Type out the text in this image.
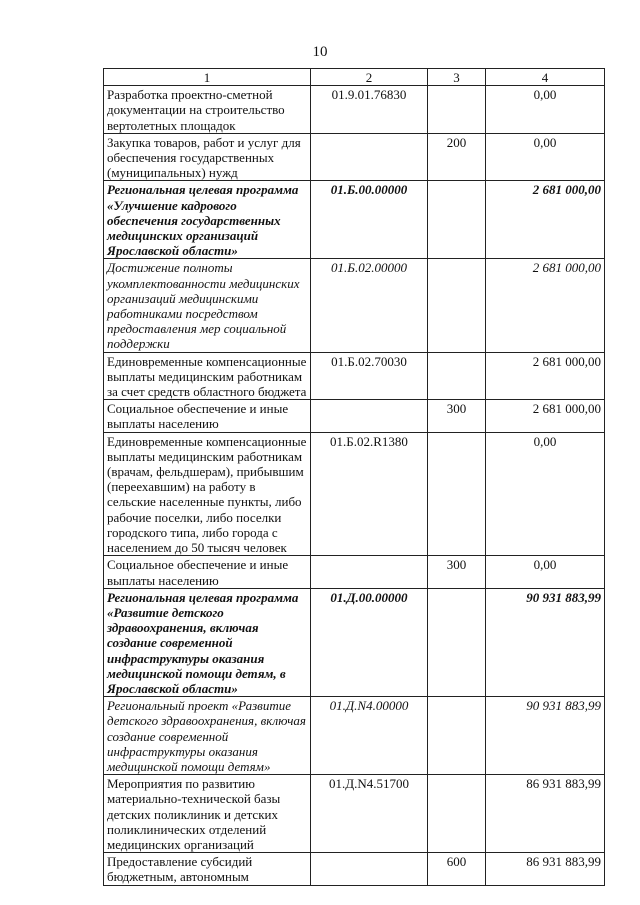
10
1	2	3	4
Разработка проектно-сметной документации на строительство вертолетных площадок	01.9.01.76830		0,00
Закупка товаров, работ и услуг для обеспечения государственных (муниципальных) нужд		200	0,00
Региональная целевая программа «Улучшение кадрового обеспечения государственных медицинских организаций Ярославской области»	01.Б.00.00000		2 681 000,00
Достижение полноты укомплектованности медицинских организаций медицинскими работниками посредством предоставления мер социальной поддержки	01.Б.02.00000		2 681 000,00
Единовременные компенсационные выплаты медицинским работникам за счет средств областного бюджета	01.Б.02.70030		2 681 000,00
Социальное обеспечение и иные выплаты населению		300	2 681 000,00
Единовременные компенсационные выплаты медицинским работникам (врачам, фельдшерам), прибывшим (переехавшим) на работу в сельские населенные пункты, либо рабочие поселки, либо поселки городского типа, либо города с населением до 50 тысяч человек	01.Б.02.R1380		0,00
Социальное обеспечение и иные выплаты населению		300	0,00
Региональная целевая программа «Развитие детского здравоохранения, включая создание современной инфраструктуры оказания медицинской помощи детям, в Ярославской области»	01.Д.00.00000		90 931 883,99
Региональный проект «Развитие детского здравоохранения, включая создание современной инфраструктуры оказания медицинской помощи детям»	01.Д.N4.00000		90 931 883,99
Мероприятия по развитию материально-технической базы детских поликлиник и детских поликлинических отделений медицинских организаций	01.Д.N4.51700		86 931 883,99
Предоставление субсидий бюджетным, автономным		600	86 931 883,99
